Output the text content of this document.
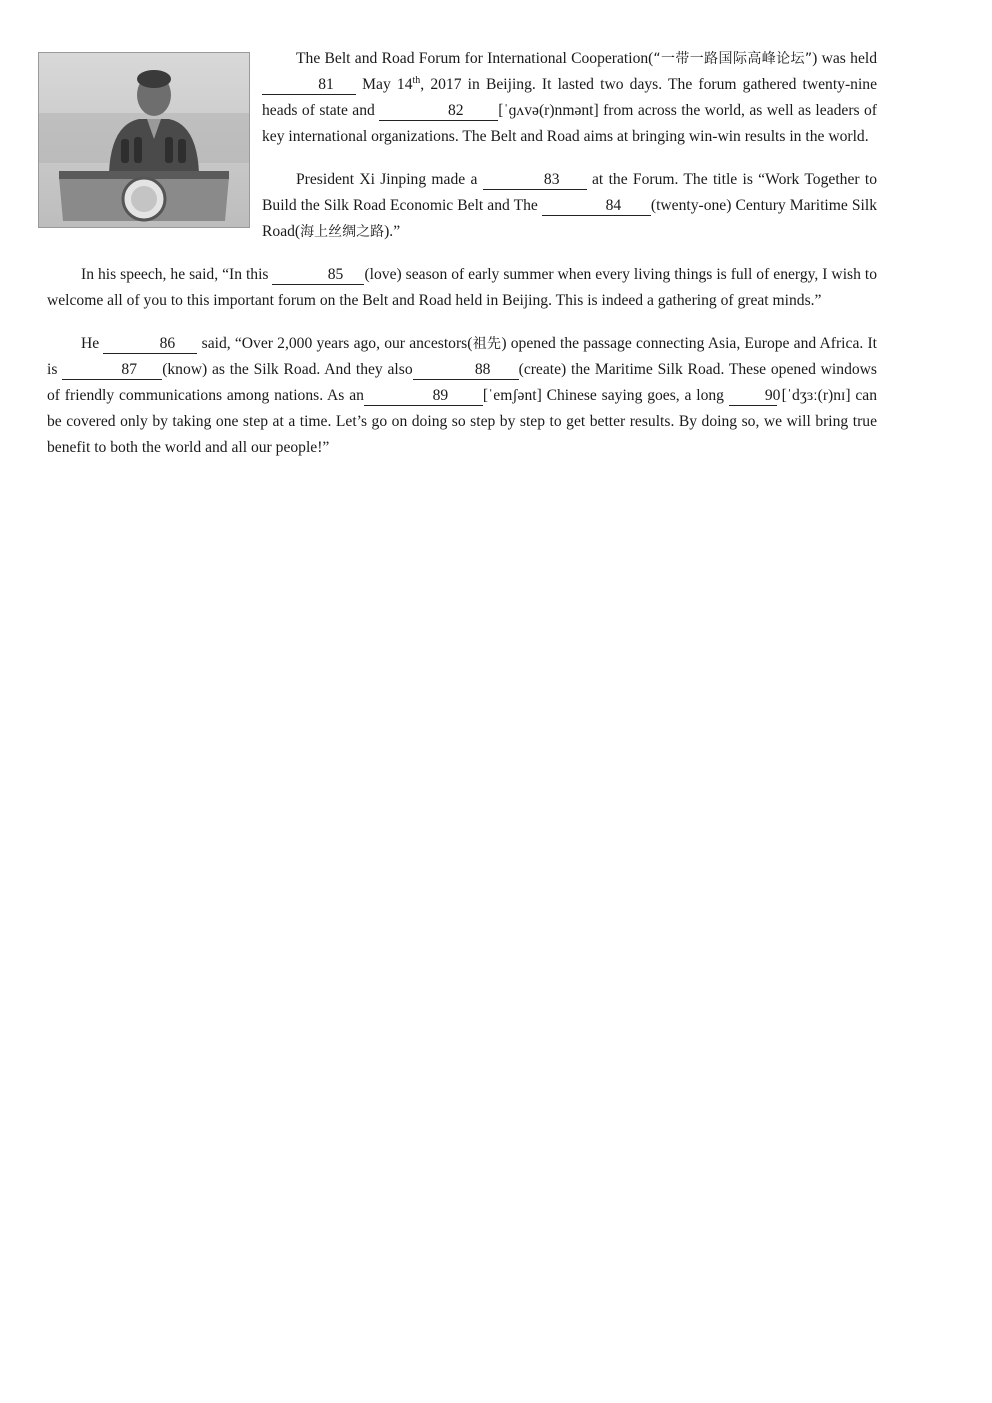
The Belt and Road Forum for International Cooperation(“一带一路国际高峰论坛”) was held 81 May 14th, 2017 in Beijing. It lasted two days. The forum gathered twenty-nine heads of state and	82 [ˈɡʌvə(r)nmənt] from across the world, as well as leaders of key international organizations. The Belt and Road aims at bringing win-win results in the world.

President Xi Jinping made a	83 at the Forum. The title is “Work Together to Build the Silk Road Economic Belt and The	84 (twenty-one) Century Maritime Silk Road(海上丝绸之路).”

In his speech, he said, “In this	85 (love) season of early summer when every living things is full of energy, I wish to welcome all of you to this important forum on the Belt and Road held in Beijing. This is indeed a gathering of great minds.”

He	86 said, “Over 2,000 years ago, our ancestors(祖先) opened the passage connecting Asia, Europe and Africa. It is	87 (know) as the Silk Road. And they also	88 (create) the Maritime Silk Road. These opened windows of friendly communications among nations. As an	89 [ˈemʃənt] Chinese saying goes, a long	90 [ˈdʒɜː(r)nɪ] can be covered only by taking one step at a time. Let’s go on doing so step by step to get better results. By doing so, we will bring true benefit to both the world and all our people!”
